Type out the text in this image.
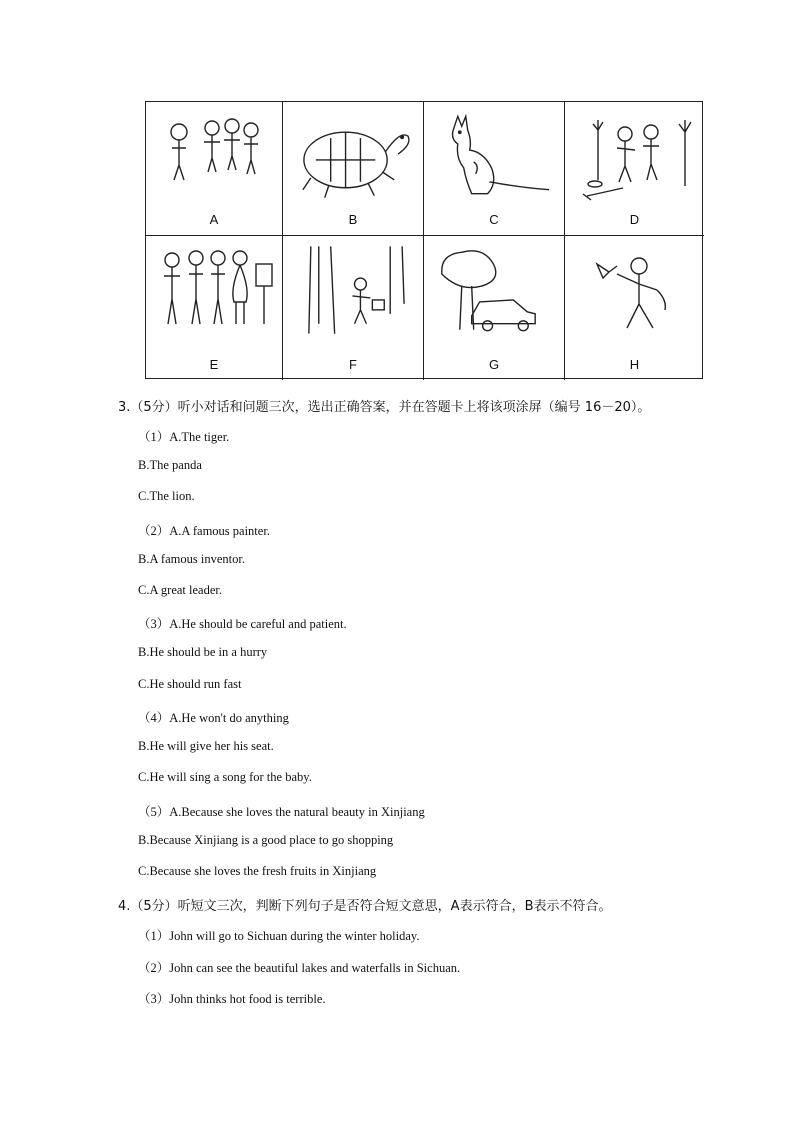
A	B	C	D
E	F	G	H
3.（5分）听小对话和问题三次，选出正确答案，并在答题卡上将该项涂屏（编号 16－20）。
（1）A.The tiger.
B.The panda
C.The lion.
（2）A.A famous painter.
B.A famous inventor.
C.A great leader.
（3）A.He should be careful and patient.
B.He should be in a hurry
C.He should run fast
（4）A.He won't do anything
B.He will give her his seat.
C.He will sing a song for the baby.
（5）A.Because she loves the natural beauty in Xinjiang
B.Because Xinjiang is a good place to go shopping
C.Because she loves the fresh fruits in Xinjiang
4.（5分）听短文三次，判断下列句子是否符合短文意思，A表示符合，B表示不符合。
（1）John will go to Sichuan during the winter holiday.
（2）John can see the beautiful lakes and waterfalls in Sichuan.
（3）John thinks hot food is terrible.
